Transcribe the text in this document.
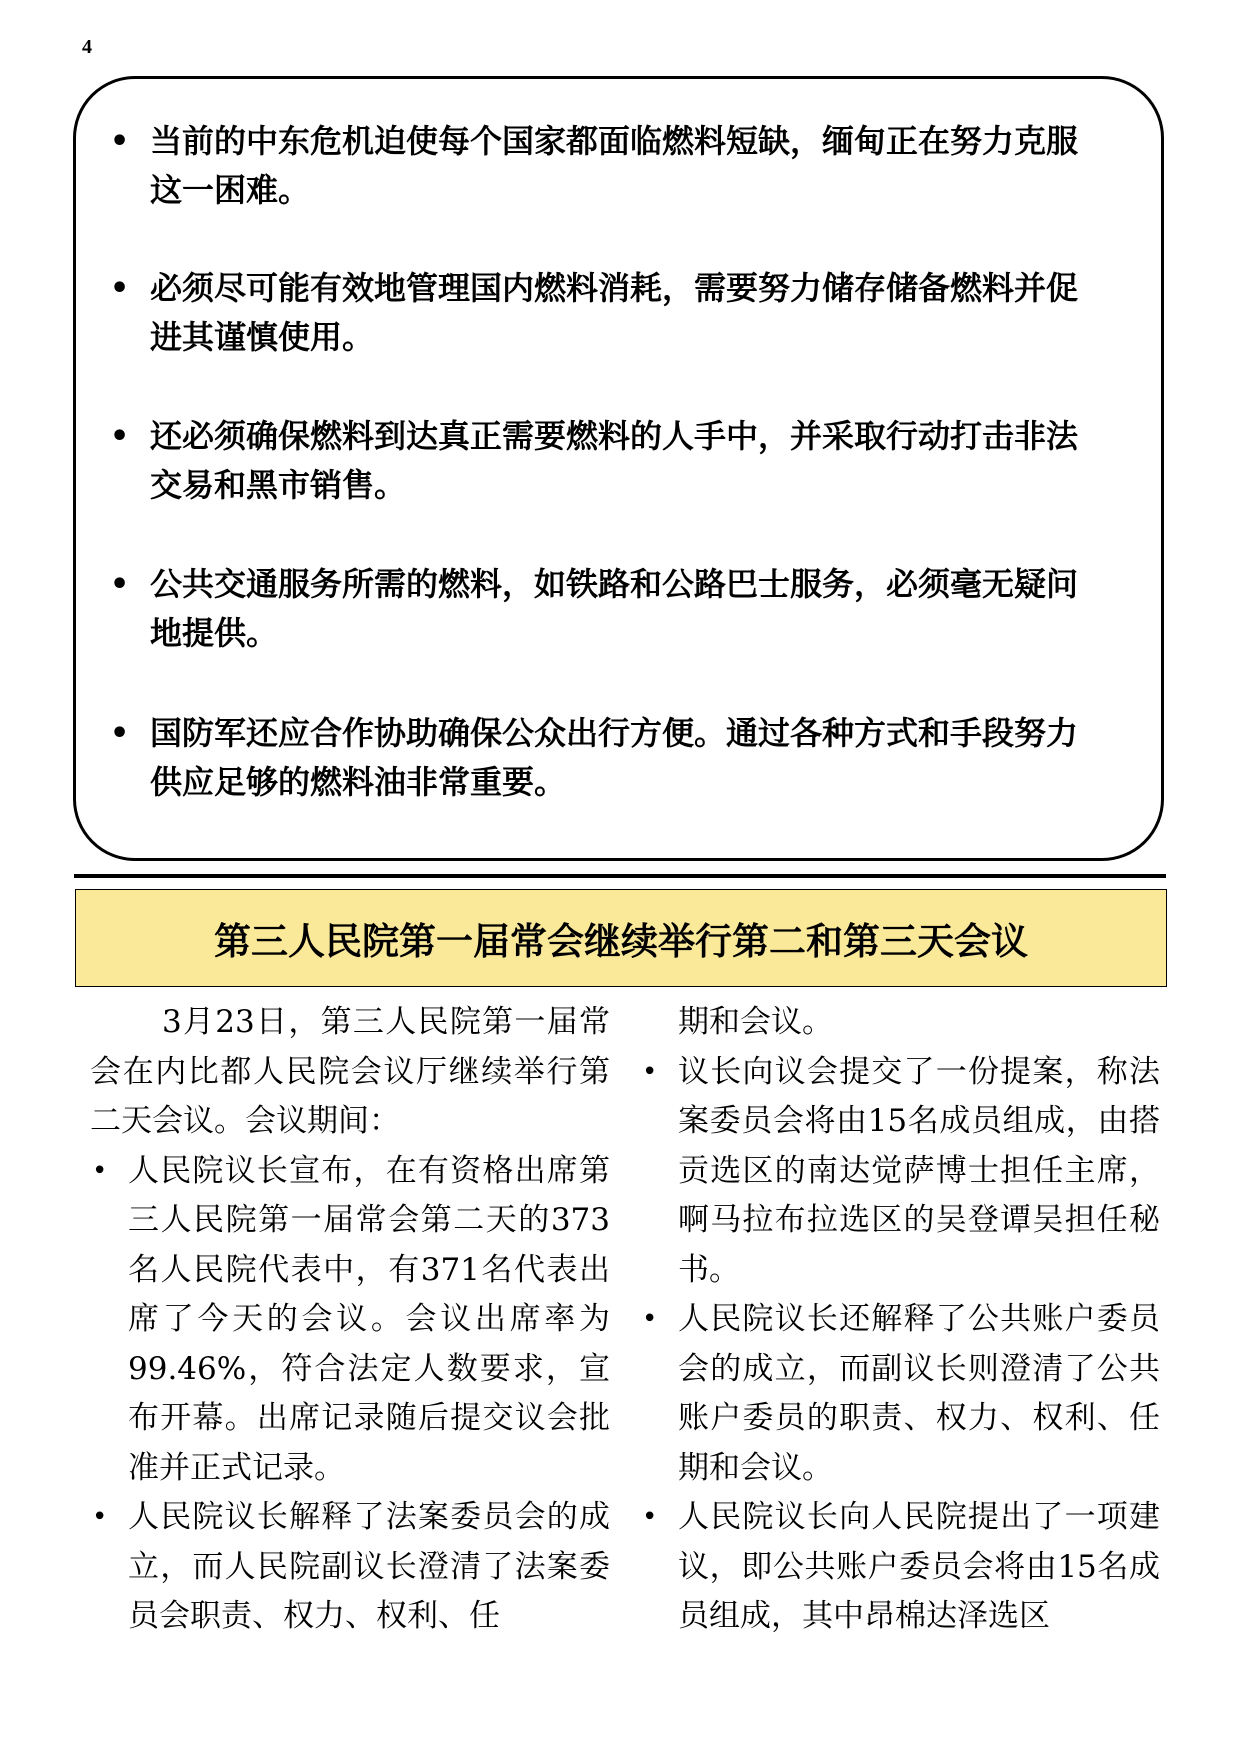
4
• 当前的中东危机迫使每个国家都面临燃料短缺，缅甸正在努力克服
这一困难。
• 必须尽可能有效地管理国内燃料消耗，需要努力储存储备燃料并促
进其谨慎使用。
• 还必须确保燃料到达真正需要燃料的人手中，并采取行动打击非法
交易和黑市销售。
• 公共交通服务所需的燃料，如铁路和公路巴士服务，必须毫无疑问
地提供。
• 国防军还应合作协助确保公众出行方便。通过各种方式和手段努力
供应足够的燃料油非常重要。
第三人民院第一届常会继续举行第二和第三天会议

3月23日，第三人民院第一届常会在内比都人民院会议厅继续举行第二天会议。会议期间：

• 人民院议长宣布，在有资格出席第三人民院第一届常会第二天的373名人民院代表中，有371名代表出席了今天的会议。会议出席率为99.46%，符合法定人数要求，宣布开幕。出席记录随后提交议会批准并正式记录。
• 人民院议长解释了法案委员会的成立，而人民院副议长澄清了法案委员会职责、权力、权利、任

期和会议。

• 议长向议会提交了一份提案，称法案委员会将由15名成员组成，由搭贡选区的南达觉萨博士担任主席，啊马拉布拉选区的吴登谭吴担任秘书。
• 人民院议长还解释了公共账户委员会的成立，而副议长则澄清了公共账户委员的职责、权力、权利、任期和会议。
• 人民院议长向人民院提出了一项建议，即公共账户委员会将由15名成员组成，其中昂棉达泽选区
